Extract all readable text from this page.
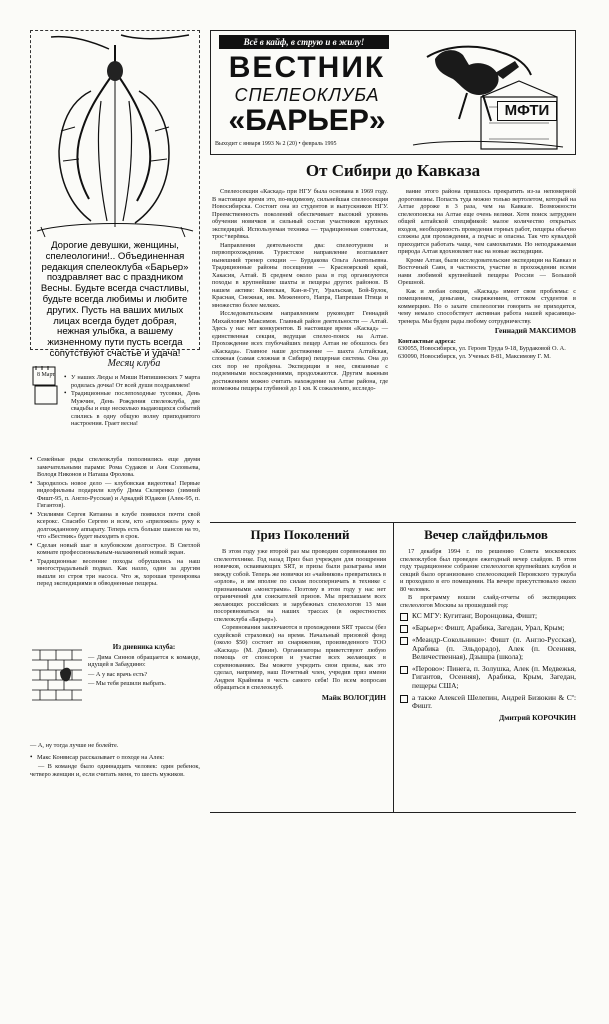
Дорогие девушки, женщины, спелеологини!.. Объединенная редакция спелеоклуба «Барьер» поздравляет вас с праздником Весны. Будьте всегда счастливы, будьте всегда любимы и любите других. Пусть на ваших милых лицах всегда будет добрая, нежная улыбка, а вашему жизненному пути пусть всегда сопутствуют счастье и удача!
8 Март
Месяц клуба
• У наших Люды и Миши Нипишинских 7 марта родилась дочка! От всей души поздравляем!
• Традиционные послепоходные тусовки, День Мужчин, День Рождения спелеоклуба, две свадьбы и еще несколько выдающихся событий слились в одну общую волну приподнятого настроения. Грает весна!
• Семейные ряды спелеоклуба пополнились еще двумя замечательными парами: Рома Судаков и Аня Соловьева, Володя Никонов и Наташа Фролова.
• Зародилось новое дело — клубовская видеотека! Первые видеофильмы подарили клубу Дима Скляренко (зимний Фишт-95, п. Англо-Русская) и Аркадий Юдаков (Алек-95, п. Гигантов).
• Усилиями Сергея Китаина в клубе появился почти свой ксерокс. Спасибо Сергею и всем, кто «приложил» руку к долгожданному аппарату. Теперь есть больше шансов на то, что «Вестник» будет выходить в срок.
• Сделан новый шаг в клубовском долгострое. В Светлой комнате профессиональным-налаженный новый экран.
• Традиционные весенние походы обрушились на наш многострадальный подвал. Как назло, один за другим вышли из строя три насоса. Что ж, хорошая тренировка перед экспедициями в обводненные пещеры.
Из дневника клуба:
— Дима Синнов обращается к команде, идущей в Забаудиню:
— А у вас врачь есть?
— Мы тебя решили выбрать.
— А, ну тогда лучше не болейте.
• Макс Конвисар рассказывает о походе на Алек:
— В команде было одиннадцать человек: один ребенок, четверо женщин и, если считать меня, то шесть мужиков.
Всё в кайф, в струю и в жилу!
ВЕСТНИК
СПЕЛЕОКЛУБА
«БАРЬЕР»
Выходит с января 1993 № 2 (20) • февраль 1995
МФТИ
От Сибири до Кавказа

Спелеосекция «Каскад» при НГУ была основана в 1969 году. В настоящее время это, по-видимому, сильнейшая спелеосекция Новосибирска. Состоит она из студентов и выпускников НГУ. Преемственность поколений обеспечивает высокий уровень обучения новичков и сильный состав участников крупных экспедиций. Используемая техника — традиционная советская, трос+верёвка.

Направления деятельности два: спелеотуризм и первопрохождения. Туристское направление возглавляет нынешний тренер секции — Бурдакова Ольга Анатольевна. Традиционные районы посещения — Красноярский край, Хакасия, Алтай. В среднем около раза в год организуются походы в крупнейшие шахты и пещеры других районов. В нашем активе: Киевская, Кан-и-Гут, Уральская, Бой-Булок, Красная, Снежная, им. Меженного, Напра, Папрешая Птица и множество более мелких.

Исследовательским направлением руководит Геннадий Михайлович Максимов. Главный район деятельности — Алтай. Здесь у нас нет конкурентов. В настоящее время «Каскад» — единственная секция, ведущая спелео-поиск на Алтае. Прохождение всех глубочайших пещер Алтая не обошлось без «Каскада». Главное наше достижение — шахта Алтайская, сложная (самая сложная в Сибири) пещерная система. Она до сих пор не пройдена. Экспедиции в нее, связанные с подземными восхождениями, продолжаются. Другим важным достижением можно считать нахождение на Алтае района, где возможны пещеры глубиной до 1 км. К сожалению, исследо-

вание этого района пришлось прекратить из-за непомерной дороговизны. Попасть туда можно только вертолетом, который на Алтае дороже в 3 раза, чем на Кавказе. Возможности спелеопоиска на Алтае еще очень велики. Хотя поиск затруднен общей алтайской спецификой: малое количество открытых входов, необходимость проведения горных работ, пещеры обычно сложны для прохождения, а подчас и опасны. Так что кувалдой приходится работать чаще, чем самохватами. Но неподражаемая природа Алтая вдохновляет нас на новые экспедиции.

Кроме Алтая, были исследовательские экспедиции на Кавказ и Восточный Саян, в частности, участие в прохождении всеми нами любимой крупнейшей пещеры России — Большой Орешной.

Как и любая секция, «Каскад» имеет свои проблемы: с помещением, деньгами, снаряжением, оттоком студентов в коммерцию. Но о захате спелеологии говорить не приходится, чему немало способствует активная работа нашей красавицы-тренера. Мы будем рады любому сотрудничеству.

Геннадий МАКСИМОВ
Контактные адреса:
630055, Новосибирск, ул. Героев Труда 9-18, Бурдаковой О. А.
630090, Новосибирск, ул. Ученых 8-81, Максимову Г. М.
Приз Поколений

В этом году уже второй раз мы проводим соревнования по спелеотехнике. Год назад Приз был учрежден для поощрения новичков, осваивающих SRT, и призы были разыграны ими между собой. Теперь же новички из «чайников» превратились в «орлов», и им вполне по силам посоперничать в технике с признанными «монстрами». Поэтому в этом году у нас нет ограничений для соискателей призов. Мы приглашаем всех желающих российских и зарубежных спелеологов 13 мая посоревноваться на наших трассах (в окрестностях спелеоклуба «Барьер»).

Соревнования заключаются в прохождении SRT трассы (без судейской страховки) на время. Начальный призовой фонд (около $50) состоит из снаряжения, произведенного ТОО «Каскад» (М. Дякин). Организаторы приветствуют любую помощь от спонсоров и участие всех желающих в соревнованиях. Вы можете учредить свои призы, как это сделал, например, наш Почетный член, учредив приз имени Андрея Крайнева в честь самого себя! По всем вопросам обращаться в спелеоклуб.

Майк ВОЛОГДИН
Вечер слайдфильмов

17 декабря 1994 г. по решению Совета московских спелеоклубов был проведен ежегодный вечер слайдов. В этом году традиционное собрание спелеологов крупнейших клубов и секций было организовано спелеосекцией Перовского турклуба и проходило в его помещении. На вечере присутствовало около 80 человек.

В программу вошли слайд-отчеты об экспедициях спелеологов Москвы за прошедший год:

КС МГУ: Кугитанг, Воронцовка, Фишт;
«Барьер»: Фишт, Арабика, Загедан, Урал, Крым;
«Меандр-Сокольники»: Фишт (п. Англо-Русская), Арабика (п. Эльдорадо), Алек (п. Осенняя, Величественная), Дзышра (школа);
«Перово»: Пинега, п. Золушка, Алек (п. Медвежья, Гигантов, Осенняя), Арабика, Крым, Загедан, пещеры США;
а также Алексей Шелепин, Андрей Бизюкин & Cº: Фишт.
Дмитрий КОРОЧКИН
